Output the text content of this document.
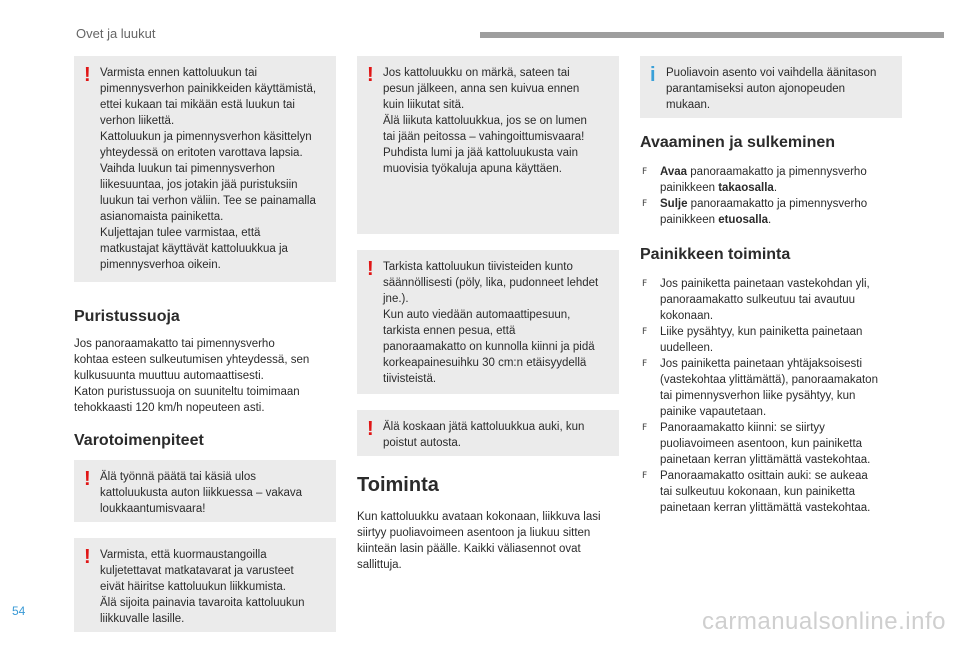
Ovet ja luukut
! Varmista ennen kattoluukun tai
pimennysverhon painikkeiden käyttämistä,
ettei kukaan tai mikään estä luukun tai
verhon liikettä.
Kattoluukun ja pimennysverhon käsittelyn
yhteydessä on eritoten varottava lapsia.
Vaihda luukun tai pimennysverhon
liikesuuntaa, jos jotakin jää puristuksiin
luukun tai verhon väliin. Tee se painamalla
asianomaista painiketta.
Kuljettajan tulee varmistaa, että
matkustajat käyttävät kattoluukkua ja
pimennysverhoa oikein.
Puristussuoja
Jos panoraamakatto tai pimennysverho
kohtaa esteen sulkeutumisen yhteydessä, sen
kulkusuunta muuttuu automaattisesti.
Katon puristussuoja on suuniteltu toimimaan
tehokkaasti 120 km/h nopeuteen asti.
Varotoimenpiteet
! Älä työnnä päätä tai käsiä ulos
kattoluukusta auton liikkuessa – vakava
loukkaantumisvaara!
! Varmista, että kuormaustangoilla
kuljetettavat matkatavarat ja varusteet
eivät häiritse kattoluukun liikkumista.
Älä sijoita painavia tavaroita kattoluukun
liikkuvalle lasille.
! Jos kattoluukku on märkä, sateen tai
pesun jälkeen, anna sen kuivua ennen
kuin liikutat sitä.
Älä liikuta kattoluukkua, jos se on lumen
tai jään peitossa – vahingoittumisvaara!
Puhdista lumi ja jää kattoluukusta vain
muovisia työkaluja apuna käyttäen.
! Tarkista kattoluukun tiivisteiden kunto
säännöllisesti (pöly, lika, pudonneet lehdet
jne.).
Kun auto viedään automaattipesuun,
tarkista ennen pesua, että
panoraamakatto on kunnolla kiinni ja pidä
korkeapainesuihku 30 cm:n etäisyydellä
tiivisteistä.
! Älä koskaan jätä kattoluukkua auki, kun
poistut autosta.
Toiminta
Kun kattoluukku avataan kokonaan, liikkuva lasi
siirtyy puoliavoimeen asentoon ja liukuu sitten
kiinteän lasin päälle. Kaikki väliasennot ovat
sallittuja.
i Puoliavoin asento voi vaihdella äänitason
parantamiseksi auton ajonopeuden
mukaan.
Avaaminen ja sulkeminen
F Avaa panoraamakatto ja pimennysverho
painikkeen takaosalla.
F Sulje panoraamakatto ja pimennysverho
painikkeen etuosalla.
Painikkeen toiminta
F Jos painiketta painetaan vastekohdan yli,
panoraamakatto sulkeutuu tai avautuu
kokonaan.
F Liike pysähtyy, kun painiketta painetaan
uudelleen.
F Jos painiketta painetaan yhtäjaksoisesti
(vastekohtaa ylittämättä), panoraamakaton
tai pimennysverhon liike pysähtyy, kun
painike vapautetaan.
F Panoraamakatto kiinni: se siirtyy
puoliavoimeen asentoon, kun painiketta
painetaan kerran ylittämättä vastekohtaa.
F Panoraamakatto osittain auki: se aukeaa
tai sulkeutuu kokonaan, kun painiketta
painetaan kerran ylittämättä vastekohtaa.
54	carmanualsonline.info
